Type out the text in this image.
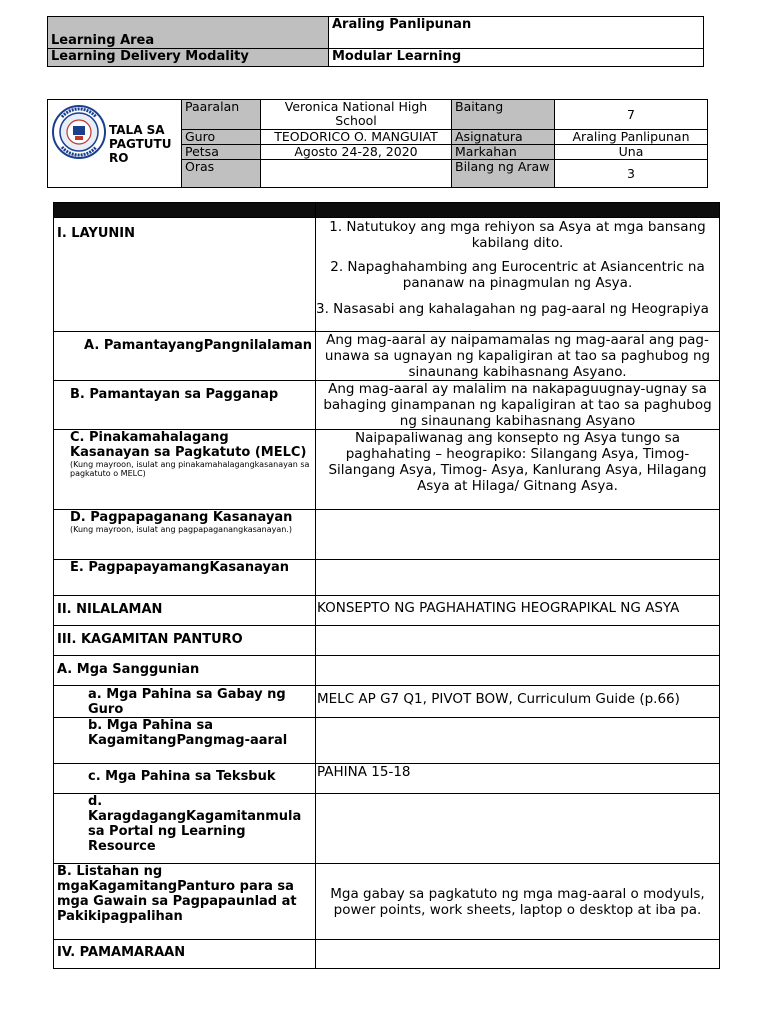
Learning Area	Araling Panlipunan
Learning Delivery Modality	Modular Learning
TALA SA
PAGTUTU
RO	Paaralan	Veronica National High School	Baitang	7
	Guro	TEODORICO O. MANGUIAT	Asignatura	Araling Panlipunan
	Petsa	Agosto 24-28, 2020	Markahan	Una
	Oras		Bilang ng Araw	3

I. LAYUNIN	1. Natutukoy ang mga rehiyon sa Asya at mga bansang kabilang dito.
2. Napaghahambing ang Eurocentric at Asiancentric na pananaw na pinagmulan ng Asya.
3. Nasasabi ang kahalagahan ng pag-aaral ng Heograpiya

A. PamantayangPangnilalaman	Ang mag-aaral ay naipamamalas ng mag-aaral ang pag-unawa sa ugnayan ng kapaligiran at tao sa paghubog ng sinaunang kabihasnang Asyano.
B. Pamantayan sa Pagganap	Ang mag-aaral ay malalim na nakapaguugnay-ugnay sa bahaging ginampanan ng kapaligiran at tao sa paghubog ng sinaunang kabihasnang Asyano

C. Pinakamahalagang Kasanayan sa Pagkatuto (MELC)
(Kung mayroon, isulat ang pinakamahalagangkasanayan sa pagkatuto o MELC)	Naipapaliwanag ang konsepto ng Asya tungo sa paghahating – heograpiko: Silangang Asya, Timog-Silangang Asya, Timog- Asya, Kanlurang Asya, Hilagang Asya at Hilaga/ Gitnang Asya.

D. Pagpapaganang Kasanayan
(Kung mayroon, isulat ang pagpapaganangkasanayan.)	

E. PagpapayamangKasanayan	
II. NILALAMAN	KONSEPTO NG PAGHAHATING HEOGRAPIKAL NG ASYA
III. KAGAMITAN PANTURO	
A. Mga Sanggunian	
a. Mga Pahina sa Gabay ng Guro	MELC AP G7 Q1, PIVOT BOW, Curriculum Guide (p.66)
b. Mga Pahina sa KagamitangPangmag-aaral	
c. Mga Pahina sa Teksbuk	PAHINA 15-18
d. KaragdagangKagamitanmula sa Portal ng Learning Resource	
B. Listahan ng mgaKagamitangPanturo para sa mga Gawain sa Pagpapaunlad at Pakikipagpalihan	Mga gabay sa pagkatuto ng mga mag-aaral o modyuls, power points, work sheets, laptop o desktop at iba pa.
IV. PAMAMARAAN	
